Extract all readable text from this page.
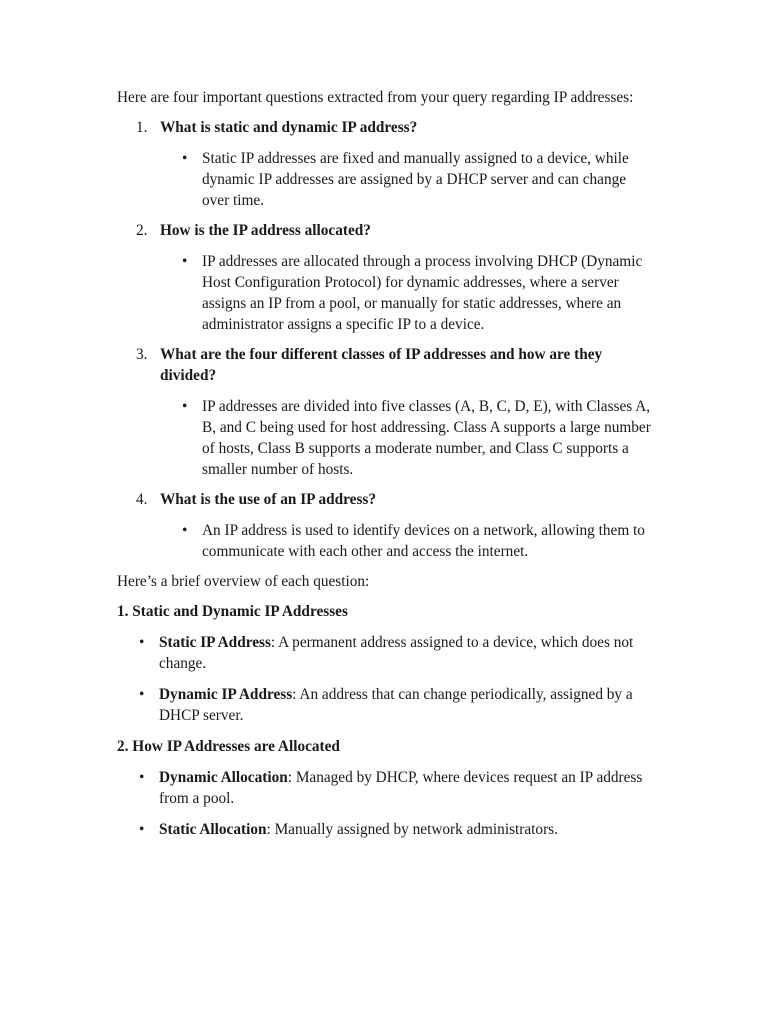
Here are four important questions extracted from your query regarding IP addresses:

1. What is static and dynamic IP address?
• Static IP addresses are fixed and manually assigned to a device, while dynamic IP addresses are assigned by a DHCP server and can change over time.
2. How is the IP address allocated?
• IP addresses are allocated through a process involving DHCP (Dynamic Host Configuration Protocol) for dynamic addresses, where a server assigns an IP from a pool, or manually for static addresses, where an administrator assigns a specific IP to a device.
3. What are the four different classes of IP addresses and how are they divided?
• IP addresses are divided into five classes (A, B, C, D, E), with Classes A, B, and C being used for host addressing. Class A supports a large number of hosts, Class B supports a moderate number, and Class C supports a smaller number of hosts.
4. What is the use of an IP address?
• An IP address is used to identify devices on a network, allowing them to communicate with each other and access the internet.

Here’s a brief overview of each question:

1. Static and Dynamic IP Addresses

• Static IP Address: A permanent address assigned to a device, which does not change.
• Dynamic IP Address: An address that can change periodically, assigned by a DHCP server.

2. How IP Addresses are Allocated

• Dynamic Allocation: Managed by DHCP, where devices request an IP address from a pool.
• Static Allocation: Manually assigned by network administrators.
